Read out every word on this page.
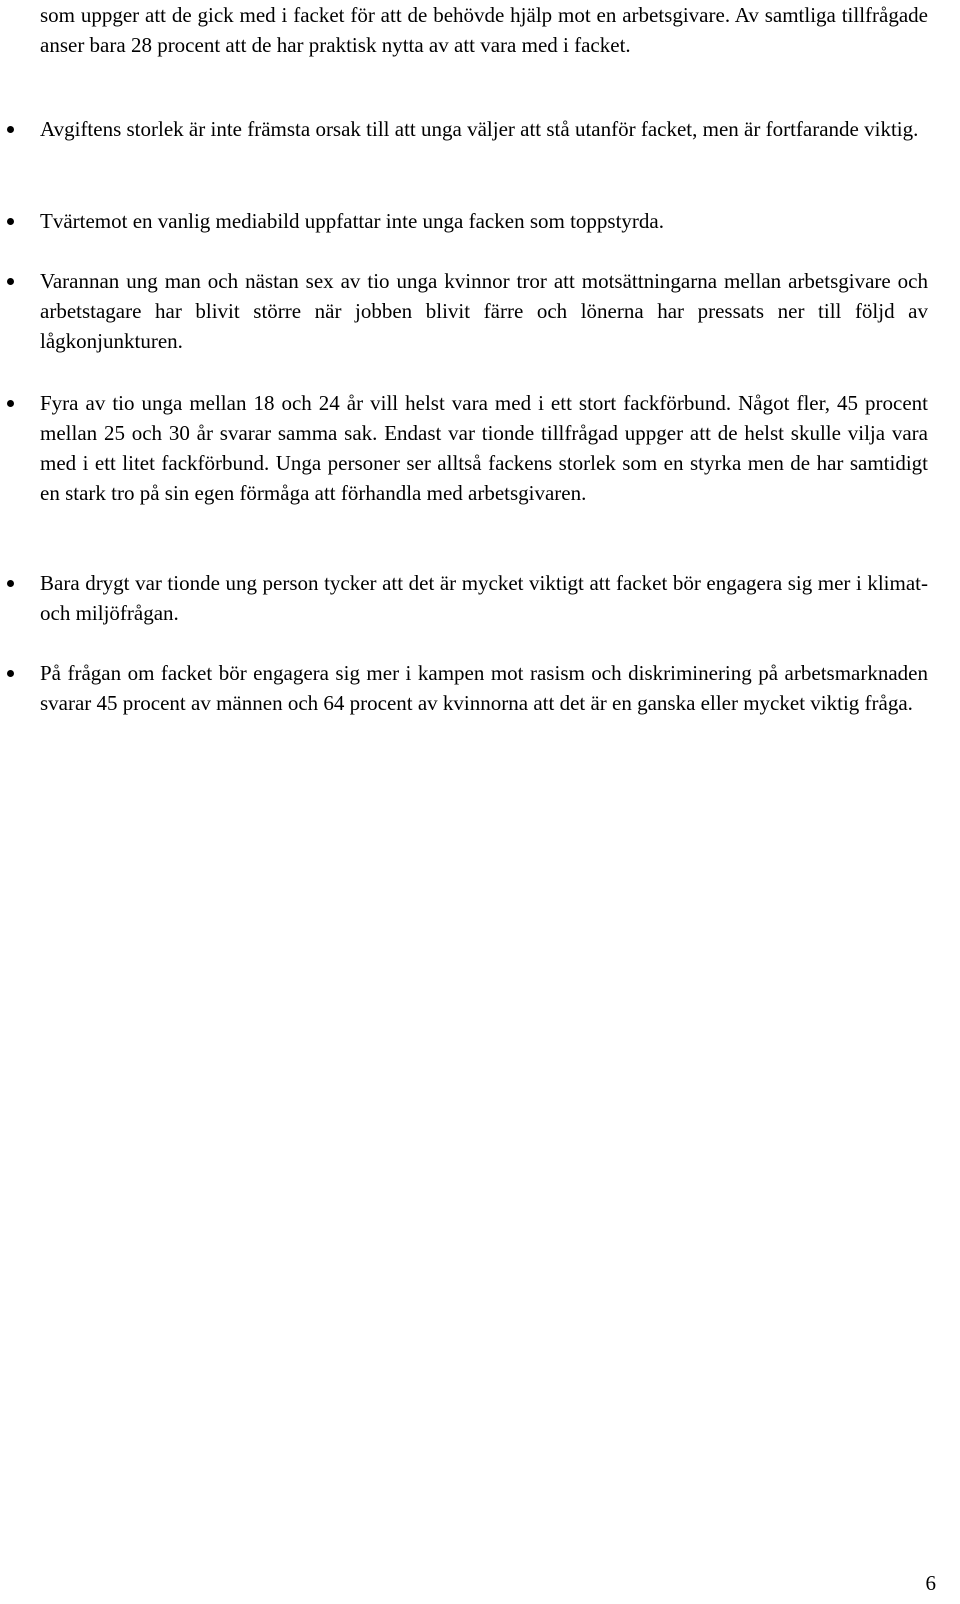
som uppger att de gick med i facket för att de behövde hjälp mot en arbetsgivare. Av samtliga tillfrågade anser bara 28 procent att de har praktisk nytta av att vara med i facket.

Avgiftens storlek är inte främsta orsak till att unga väljer att stå utanför facket, men är fortfarande viktig.
Tvärtemot en vanlig mediabild uppfattar inte unga facken som toppstyrda.
Varannan ung man och nästan sex av tio unga kvinnor tror att motsättningarna mellan arbetsgivare och arbetstagare har blivit större när jobben blivit färre och lönerna har pressats ner till följd av lågkonjunkturen.
Fyra av tio unga mellan 18 och 24 år vill helst vara med i ett stort fackförbund. Något fler, 45 procent mellan 25 och 30 år svarar samma sak. Endast var tionde tillfrågad uppger att de helst skulle vilja vara med i ett litet fackförbund. Unga personer ser alltså fackens storlek som en styrka men de har samtidigt en stark tro på sin egen förmåga att förhandla med arbetsgivaren.
Bara drygt var tionde ung person tycker att det är mycket viktigt att facket bör engagera sig mer i klimat- och miljöfrågan.
På frågan om facket bör engagera sig mer i kampen mot rasism och diskriminering på arbetsmarknaden svarar 45 procent av männen och 64 procent av kvinnorna att det är en ganska eller mycket viktig fråga.
6
